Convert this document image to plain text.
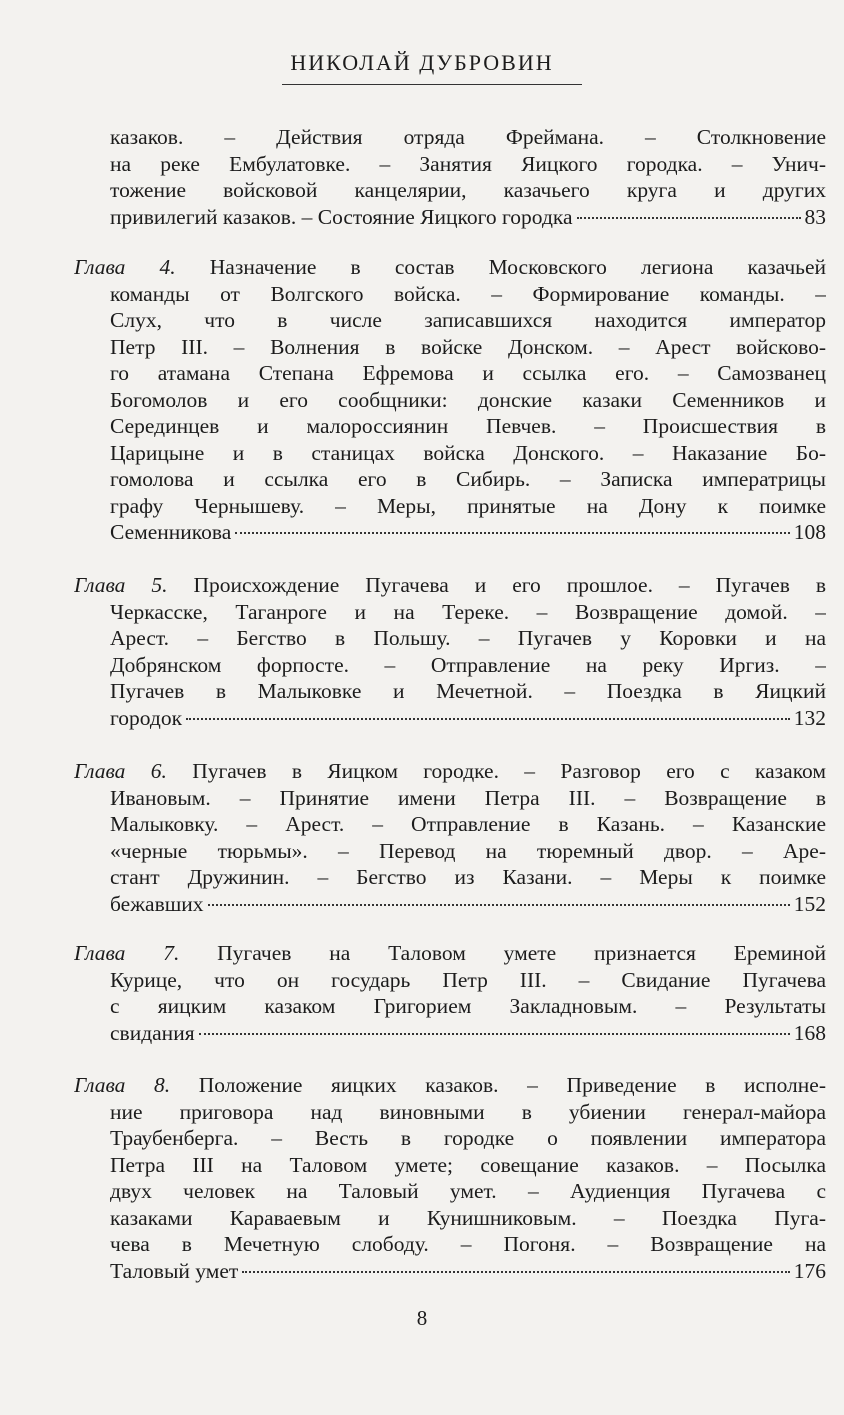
НИКОЛАЙ ДУБРОВИН
казаков. – Действия отряда Фреймана. – Столкновение
на реке Ембулатовке. – Занятия Яицкого городка. – Унич-
тожение войсковой канцелярии, казачьего круга и других
привилегий казаков. – Состояние Яицкого городка	83
Глава 4. Назначение в состав Московского легиона казачьей
команды от Волгского войска. – Формирование команды. –
Слух, что в числе записавшихся находится император
Петр III. – Волнения в войске Донском. – Арест войсково-
го атамана Степана Ефремова и ссылка его. – Самозванец
Богомолов и его сообщники: донские казаки Семенников и
Серединцев и малороссиянин Певчев. – Происшествия в
Царицыне и в станицах войска Донского. – Наказание Бо-
гомолова и ссылка его в Сибирь. – Записка императрицы
графу Чернышеву. – Меры, принятые на Дону к поимке
Семенникова	108
Глава 5. Происхождение Пугачева и его прошлое. – Пугачев в
Черкасске, Таганроге и на Тереке. – Возвращение домой. –
Арест. – Бегство в Польшу. – Пугачев у Коровки и на
Добрянском форпосте. – Отправление на реку Иргиз. –
Пугачев в Малыковке и Мечетной. – Поездка в Яицкий
городок	132
Глава 6. Пугачев в Яицком городке. – Разговор его с казаком
Ивановым. – Принятие имени Петра III. – Возвращение в
Малыковку. – Арест. – Отправление в Казань. – Казанские
«черные тюрьмы». – Перевод на тюремный двор. – Аре-
стант Дружинин. – Бегство из Казани. – Меры к поимке
бежавших	152
Глава 7. Пугачев на Таловом умете признается Ереминой
Курице, что он государь Петр III. – Свидание Пугачева
с яицким казаком Григорием Закладновым. – Результаты
свидания	168
Глава 8. Положение яицких казаков. – Приведение в исполне-
ние приговора над виновными в убиении генерал-майора
Траубенберга. – Весть в городке о появлении императора
Петра III на Таловом умете; совещание казаков. – Посылка
двух человек на Таловый умет. – Аудиенция Пугачева с
казаками Караваевым и Кунишниковым. – Поездка Пуга-
чева в Мечетную слободу. – Погоня. – Возвращение на
Таловый умет	176
8
